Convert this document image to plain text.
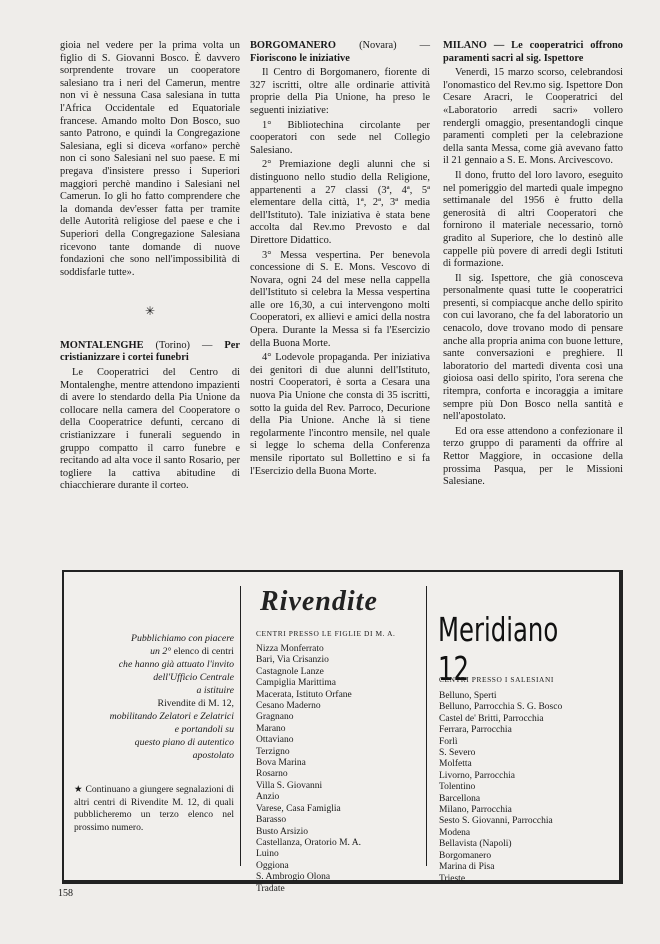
gioia nel vedere per la prima volta un figlio di S. Giovanni Bosco. È davvero sorprendente trovare un cooperatore salesiano tra i neri del Camerun, mentre non vi è nessuna Casa salesiana in tutta l'Africa Occidentale ed Equatoriale francese. Amando molto Don Bosco, suo santo Patrono, e quindi la Congregazione Salesiana, egli si diceva «orfano» perchè non ci sono Salesiani nel suo paese. E mi pregava d'insistere presso i Superiori maggiori perchè mandino i Salesiani nel Camerun. Io gli ho fatto comprendere che la domanda dev'esser fatta per tramite delle Autorità religiose del paese e che i Superiori della Congregazione Salesiana ricevono tante domande di nuove fondazioni che sono nell'impossibilità di soddisfarle tutte».

✳

MONTALENGHE (Torino) — Per cristianizzare i cortei funebri

Le Cooperatrici del Centro di Montalenghe, mentre attendono impazienti di avere lo stendardo della Pia Unione da collocare nella camera del Cooperatore o della Cooperatrice defunti, cercano di cristianizzare i funerali seguendo in gruppo compatto il carro funebre e recitando ad alta voce il santo Rosario, per togliere la cattiva abitudine di chiacchierare durante il corteo.

BORGOMANERO (Novara) — Fioriscono le iniziative

Il Centro di Borgomanero, fiorente di 327 iscritti, oltre alle ordinarie attività proprie della Pia Unione, ha preso le seguenti iniziative:

1° Bibliotechina circolante per cooperatori con sede nel Collegio Salesiano.

2° Premiazione degli alunni che si distinguono nello studio della Religione, appartenenti a 27 classi (3ª, 4ª, 5ª elementare della città, 1ª, 2ª, 3ª media dell'Istituto). Tale iniziativa è stata bene accolta dal Rev.mo Prevosto e dal Direttore Didattico.

3° Messa vespertina. Per benevola concessione di S. E. Mons. Vescovo di Novara, ogni 24 del mese nella cappella dell'Istituto si celebra la Messa vespertina alle ore 16,30, a cui intervengono molti Cooperatori, ex allievi e amici della nostra Opera. Durante la Messa si fa l'Esercizio della Buona Morte.

4° Lodevole propaganda. Per iniziativa dei genitori di due alunni dell'Istituto, nostri Cooperatori, è sorta a Cesara una nuova Pia Unione che consta di 35 iscritti, sotto la guida del Rev. Parroco, Decurione della Pia Unione. Anche là si tiene regolarmente l'incontro mensile, nel quale si legge lo schema della Conferenza mensile riportato sul Bollettino e si fa l'Esercizio della Buona Morte.

MILANO — Le cooperatrici offrono paramenti sacri al sig. Ispettore

Venerdì, 15 marzo scorso, celebrandosi l'onomastico del Rev.mo sig. Ispettore Don Cesare Aracri, le Cooperatrici del «Laboratorio arredi sacri» vollero rendergli omaggio, presentandogli cinque paramenti completi per la celebrazione della santa Messa, come già avevano fatto il 21 gennaio a S. E. Mons. Arcivescovo.

Il dono, frutto del loro lavoro, eseguito nel pomeriggio del martedì quale impegno settimanale del 1956 è frutto della generosità di altri Cooperatori che fornirono il materiale necessario, tornò gradito al Superiore, che lo destinò alle cappelle più povere di arredi degli Istituti di formazione.

Il sig. Ispettore, che già conosceva personalmente quasi tutte le cooperatrici presenti, si compiacque anche dello spirito con cui lavorano, che fa del laboratorio un cenacolo, dove trovano modo di pensare anche alla propria anima con buone letture, sante conversazioni e preghiere. Il laboratorio del martedì diventa così una gioiosa oasi dello spirito, l'ora serena che ritempra, conforta e incoraggia a imitare sempre più Don Bosco nella santità e nell'apostolato.

Ed ora esse attendono a confezionare il terzo gruppo di paramenti da offrire al Rettor Maggiore, in occasione della prossima Pasqua, per le Missioni Salesiane.

Pubblichiamo con piacere
un 2° elenco di centri
che hanno già attuato l'invito
dell'Ufficio Centrale
a istituire
Rivendite di M. 12,
mobilitando Zelatori e Zelatrici
e portandoli su
questo piano di autentico
apostolato
★ Continuano a giungere segnalazioni di altri centri di Rivendite M. 12, di quali pubblicheremo un terzo elenco nel prossimo numero.
Rivendite
Meridiano 12
CENTRI PRESSO LE FIGLIE DI M. A.
CENTRI PRESSO I SALESIANI
Nizza Monferrato
Bari, Via Crisanzio
Castagnole Lanze
Campiglia Marittima
Macerata, Istituto Orfane
Cesano Maderno
Gragnano
Marano
Ottaviano
Terzigno
Bova Marina
Rosarno
Villa S. Giovanni
Anzio
Varese, Casa Famiglia
Barasso
Busto Arsizio
Castellanza, Oratorio M. A.
Luino
Oggiona
S. Ambrogio Olona
Tradate
Belluno, Sperti
Belluno, Parrocchia S. G. Bosco
Castel de' Britti, Parrocchia
Ferrara, Parrocchia
Forlì
S. Severo
Molfetta
Livorno, Parrocchia
Tolentino
Barcellona
Milano, Parrocchia
Sesto S. Giovanni, Parrocchia
Modena
Bellavista (Napoli)
Borgomanero
Marina di Pisa
Trieste
158
